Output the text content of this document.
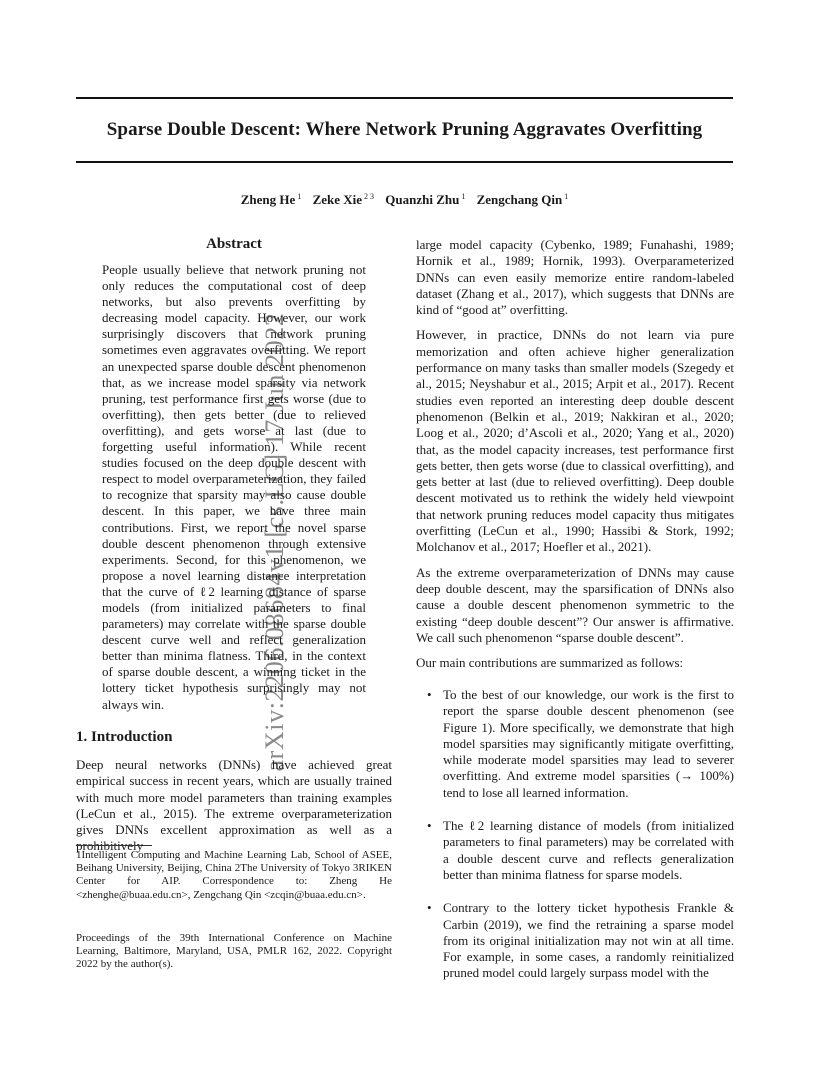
Sparse Double Descent: Where Network Pruning Aggravates Overfitting
Zheng He $^1$ Zeke Xie $^{2 3}$ Quanzhi Zhu $^1$ Zengchang Qin $^1$
arXiv:2206.08684v1 [cs.LG] 17 Jun 2022
Abstract
People usually believe that network pruning not only reduces the computational cost of deep networks, but also prevents overfitting by decreasing model capacity. However, our work surprisingly discovers that network pruning sometimes even aggravates overfitting. We report an unexpected sparse double descent phenomenon that, as we increase model sparsity via network pruning, test performance first gets worse (due to overfitting), then gets better (due to relieved overfitting), and gets worse at last (due to forgetting useful information). While recent studies focused on the deep double descent with respect to model overparameterization, they failed to recognize that sparsity may also cause double descent. In this paper, we have three main contributions. First, we report the novel sparse double descent phenomenon through extensive experiments. Second, for this phenomenon, we propose a novel learning distance interpretation that the curve of ℓ2 learning distance of sparse models (from initialized parameters to final parameters) may correlate with the sparse double descent curve well and reflect generalization better than minima flatness. Third, in the context of sparse double descent, a winning ticket in the lottery ticket hypothesis surprisingly may not always win.
1. Introduction

Deep neural networks (DNNs) have achieved great empirical success in recent years, which are usually trained with much more model parameters than training examples (LeCun et al., 2015). The extreme overparameterization gives DNNs excellent approximation as well as a

1Intelligent Computing and Machine Learning Lab, School of ASEE, Beihang University, Beijing, China 2The University of Tokyo 3RIKEN Center for AIP. Correspondence to: Zheng He <zhenghe@buaa.edu.cn>, Zengchang Qin <zcqin@buaa.edu.cn>.
Proceedings of the 39th International Conference on Machine Learning, Baltimore, Maryland, USA, PMLR 162, 2022. Copyright 2022 by the author(s).

large model capacity (Cybenko, 1989; Funahashi, 1989; Hornik et al., 1989; Hornik, 1993). Overparameterized DNNs can even easily memorize entire random-labeled dataset (Zhang et al., 2017), which suggests that DNNs are kind of “good at” overfitting.

However, in practice, DNNs do not learn via pure memorization and often achieve higher generalization performance on many tasks than smaller models (Szegedy et al., 2015; Neyshabur et al., 2015; Arpit et al., 2017). Recent studies even reported an interesting deep double descent phenomenon (Belkin et al., 2019; Nakkiran et al., 2020; Loog et al., 2020; d’Ascoli et al., 2020; Yang et al., 2020) that, as the model capacity increases, test performance first gets better, then gets worse (due to classical overfitting), and gets better at last (due to relieved overfitting). Deep double descent motivated us to rethink the widely held viewpoint that network pruning reduces model capacity thus mitigates overfitting (LeCun et al., 1990; Hassibi & Stork, 1992; Molchanov et al., 2017; Hoefler et al., 2021).

As the extreme overparameterization of DNNs may cause deep double descent, may the sparsification of DNNs also cause a double descent phenomenon symmetric to the existing “deep double descent”? Our answer is affirmative. We call such phenomenon “sparse double descent”.

Our main contributions are summarized as follows:

• To the best of our knowledge, our work is the first to report the sparse double descent phenomenon (see Figure 1). More specifically, we demonstrate that high model sparsities may significantly mitigate overfitting, while moderate model sparsities may lead to severer overfitting. And extreme model sparsities (→ 100%) tend to lose all learned information.
• The ℓ2 learning distance of models (from initialized parameters to final parameters) may be correlated with a double descent curve and reflects generalization better than minima flatness for sparse models.
• Contrary to the lottery ticket hypothesis Frankle & Carbin (2019), we find the retraining a sparse model from its original initialization may not win at all time. For example, in some cases, a randomly reinitialized pruned model could largely surpass model with the
